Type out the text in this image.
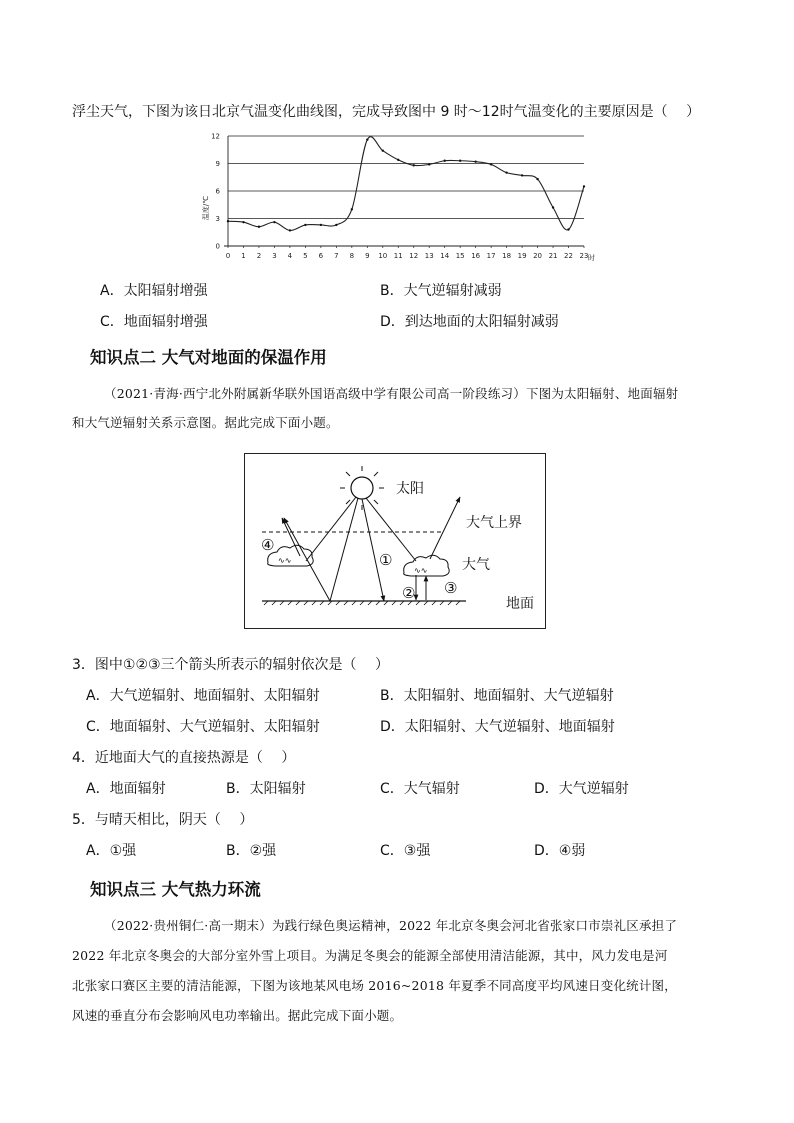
浮尘天气，下图为该日北京气温变化曲线图，完成导致图中 9 时～12时气温变化的主要原因是（　 ）
0
3
6
9
12
0 1 2 3 4 5 6 7 8 9 10 11 12 13 14 15 16 17 18 19 20 21 22 23
温度/℃
时
A．太阳辐射增强	B．大气逆辐射减弱
C．地面辐射增强	D．到达地面的太阳辐射减弱
知识点二 大气对地面的保温作用
（2021·青海·西宁北外附属新华联外国语高级中学有限公司高一阶段练习）下图为太阳辐射、地面辐射
和大气逆辐射关系示意图。据此完成下面小题。
太阳
大气上界
大气
地面
∿∿
∿∿
①
② ③
④
3．图中①②③三个箭头所表示的辐射依次是（　 ）
A．大气逆辐射、地面辐射、太阳辐射	B．太阳辐射、地面辐射、大气逆辐射
C．地面辐射、大气逆辐射、太阳辐射	D．太阳辐射、大气逆辐射、地面辐射
4．近地面大气的直接热源是（　 ）
A．地面辐射	B．太阳辐射	C．大气辐射	D．大气逆辐射
5．与晴天相比，阴天（　 ）
A．①强	B．②强	C．③强	D．④弱
知识点三 大气热力环流
（2022·贵州铜仁·高一期末）为践行绿色奥运精神，2022 年北京冬奥会河北省张家口市崇礼区承担了
2022 年北京冬奥会的大部分室外雪上项目。为满足冬奥会的能源全部使用清洁能源，其中，风力发电是河
北张家口赛区主要的清洁能源，下图为该地某风电场 2016~2018 年夏季不同高度平均风速日变化统计图，
风速的垂直分布会影响风电功率输出。据此完成下面小题。
